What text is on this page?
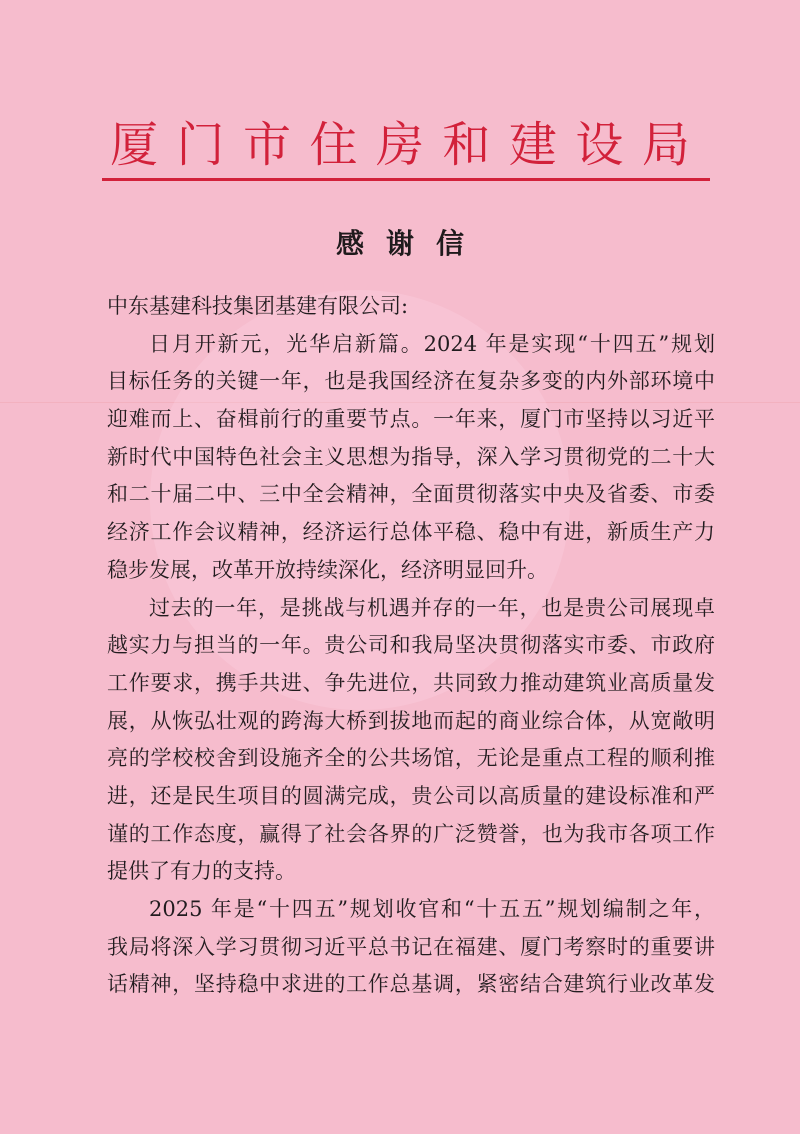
厦 门 市 住 房 和 建 设 局
感谢信
中东基建科技集团基建有限公司:
日月开新元，光华启新篇。2024 年是实现“十四五”规划
目标任务的关键一年，也是我国经济在复杂多变的内外部环境中
迎难而上、奋楫前行的重要节点。一年来，厦门市坚持以习近平
新时代中国特色社会主义思想为指导，深入学习贯彻党的二十大
和二十届二中、三中全会精神，全面贯彻落实中央及省委、市委
经济工作会议精神，经济运行总体平稳、稳中有进，新质生产力
稳步发展，改革开放持续深化，经济明显回升。
过去的一年，是挑战与机遇并存的一年，也是贵公司展现卓
越实力与担当的一年。贵公司和我局坚决贯彻落实市委、市政府
工作要求，携手共进、争先进位，共同致力推动建筑业高质量发
展，从恢弘壮观的跨海大桥到拔地而起的商业综合体，从宽敞明
亮的学校校舍到设施齐全的公共场馆，无论是重点工程的顺利推
进，还是民生项目的圆满完成，贵公司以高质量的建设标准和严
谨的工作态度，赢得了社会各界的广泛赞誉，也为我市各项工作
提供了有力的支持。
2025 年是“十四五”规划收官和“十五五”规划编制之年，
我局将深入学习贯彻习近平总书记在福建、厦门考察时的重要讲
话精神，坚持稳中求进的工作总基调，紧密结合建筑行业改革发
